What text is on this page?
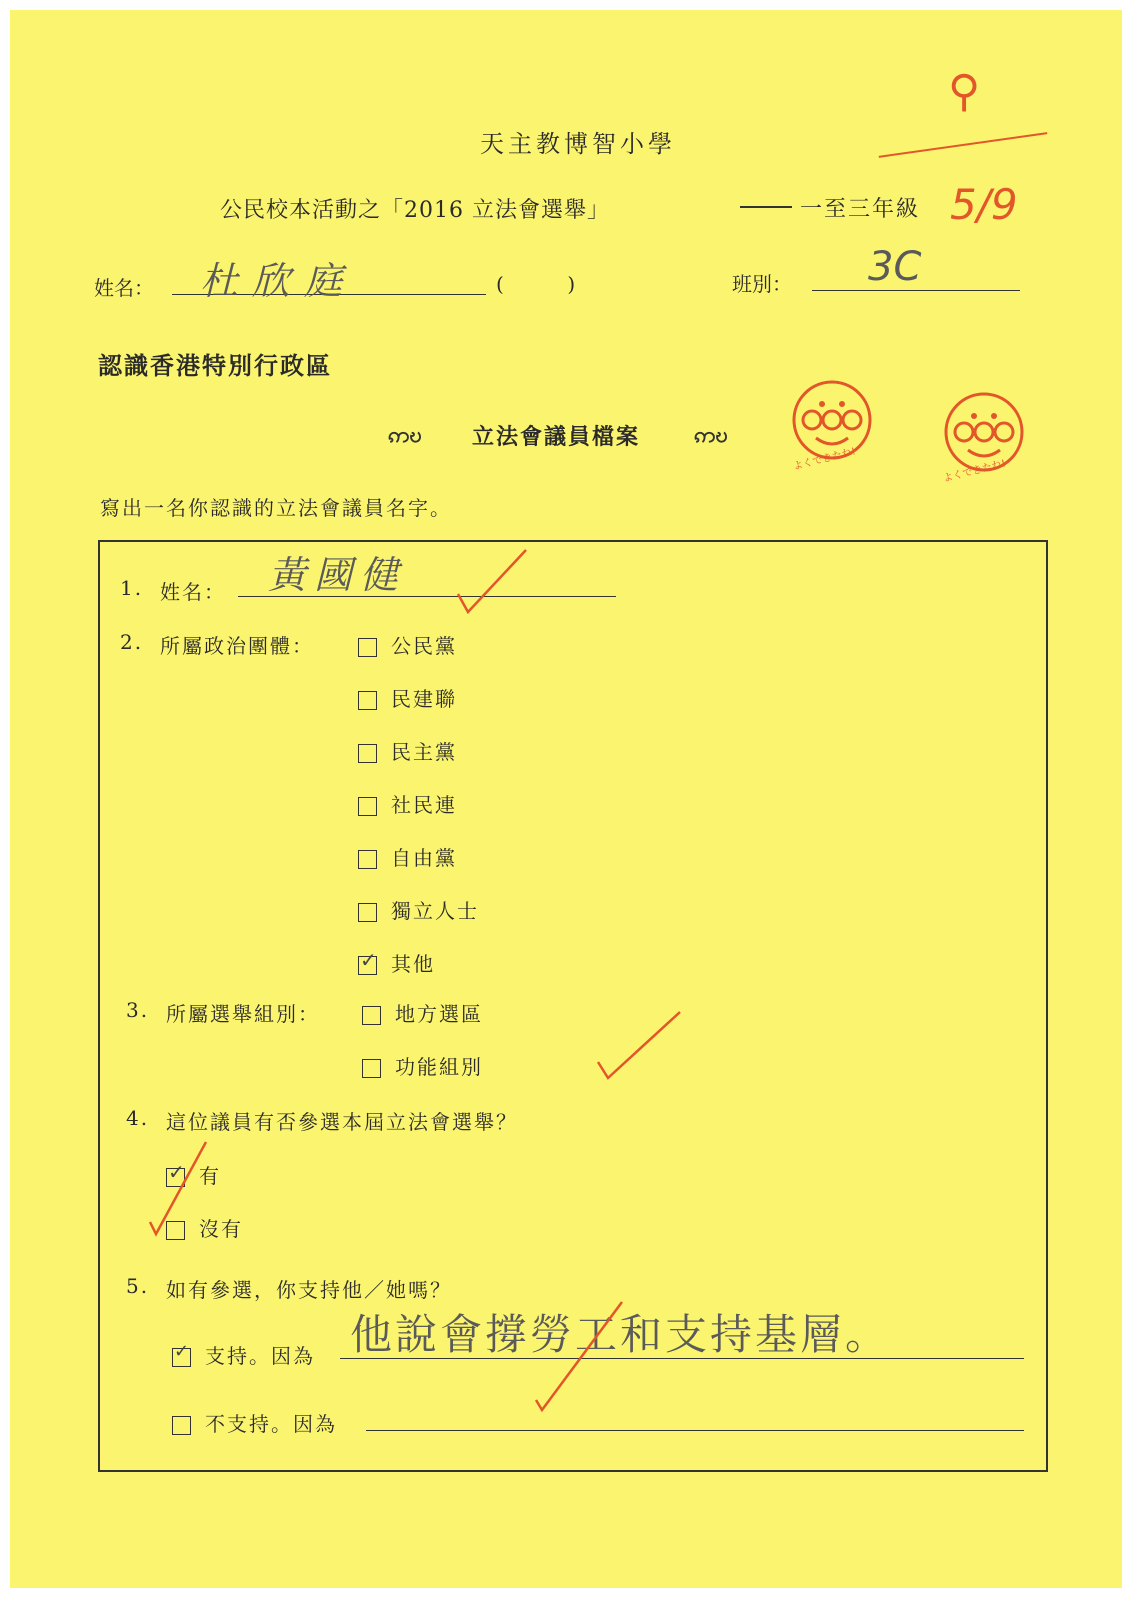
天主教博智小學
公民校本活動之「2016 立法會選舉」	一至三年級
⚲
5/9
姓名： 杜欣庭	(          )	班別： 3C
認識香港特別行政區
ဢဎ 立法會議員檔案 ဢဎ
よくできたね!	よくできたね!
寫出一名你認識的立法會議員名字。
1. 姓名： 黃國健
2. 所屬政治團體：	公民黨
民建聯
民主黨
社民連
自由黨
獨立人士
✓ 其他
3. 所屬選舉組別：	地方選區
功能組別
4. 這位議員有否參選本屆立法會選舉？
✓ 有
沒有
5. 如有參選，你支持他／她嗎？
✓ 支持。因為 他說會撐勞工和支持基層。
不支持。因為
